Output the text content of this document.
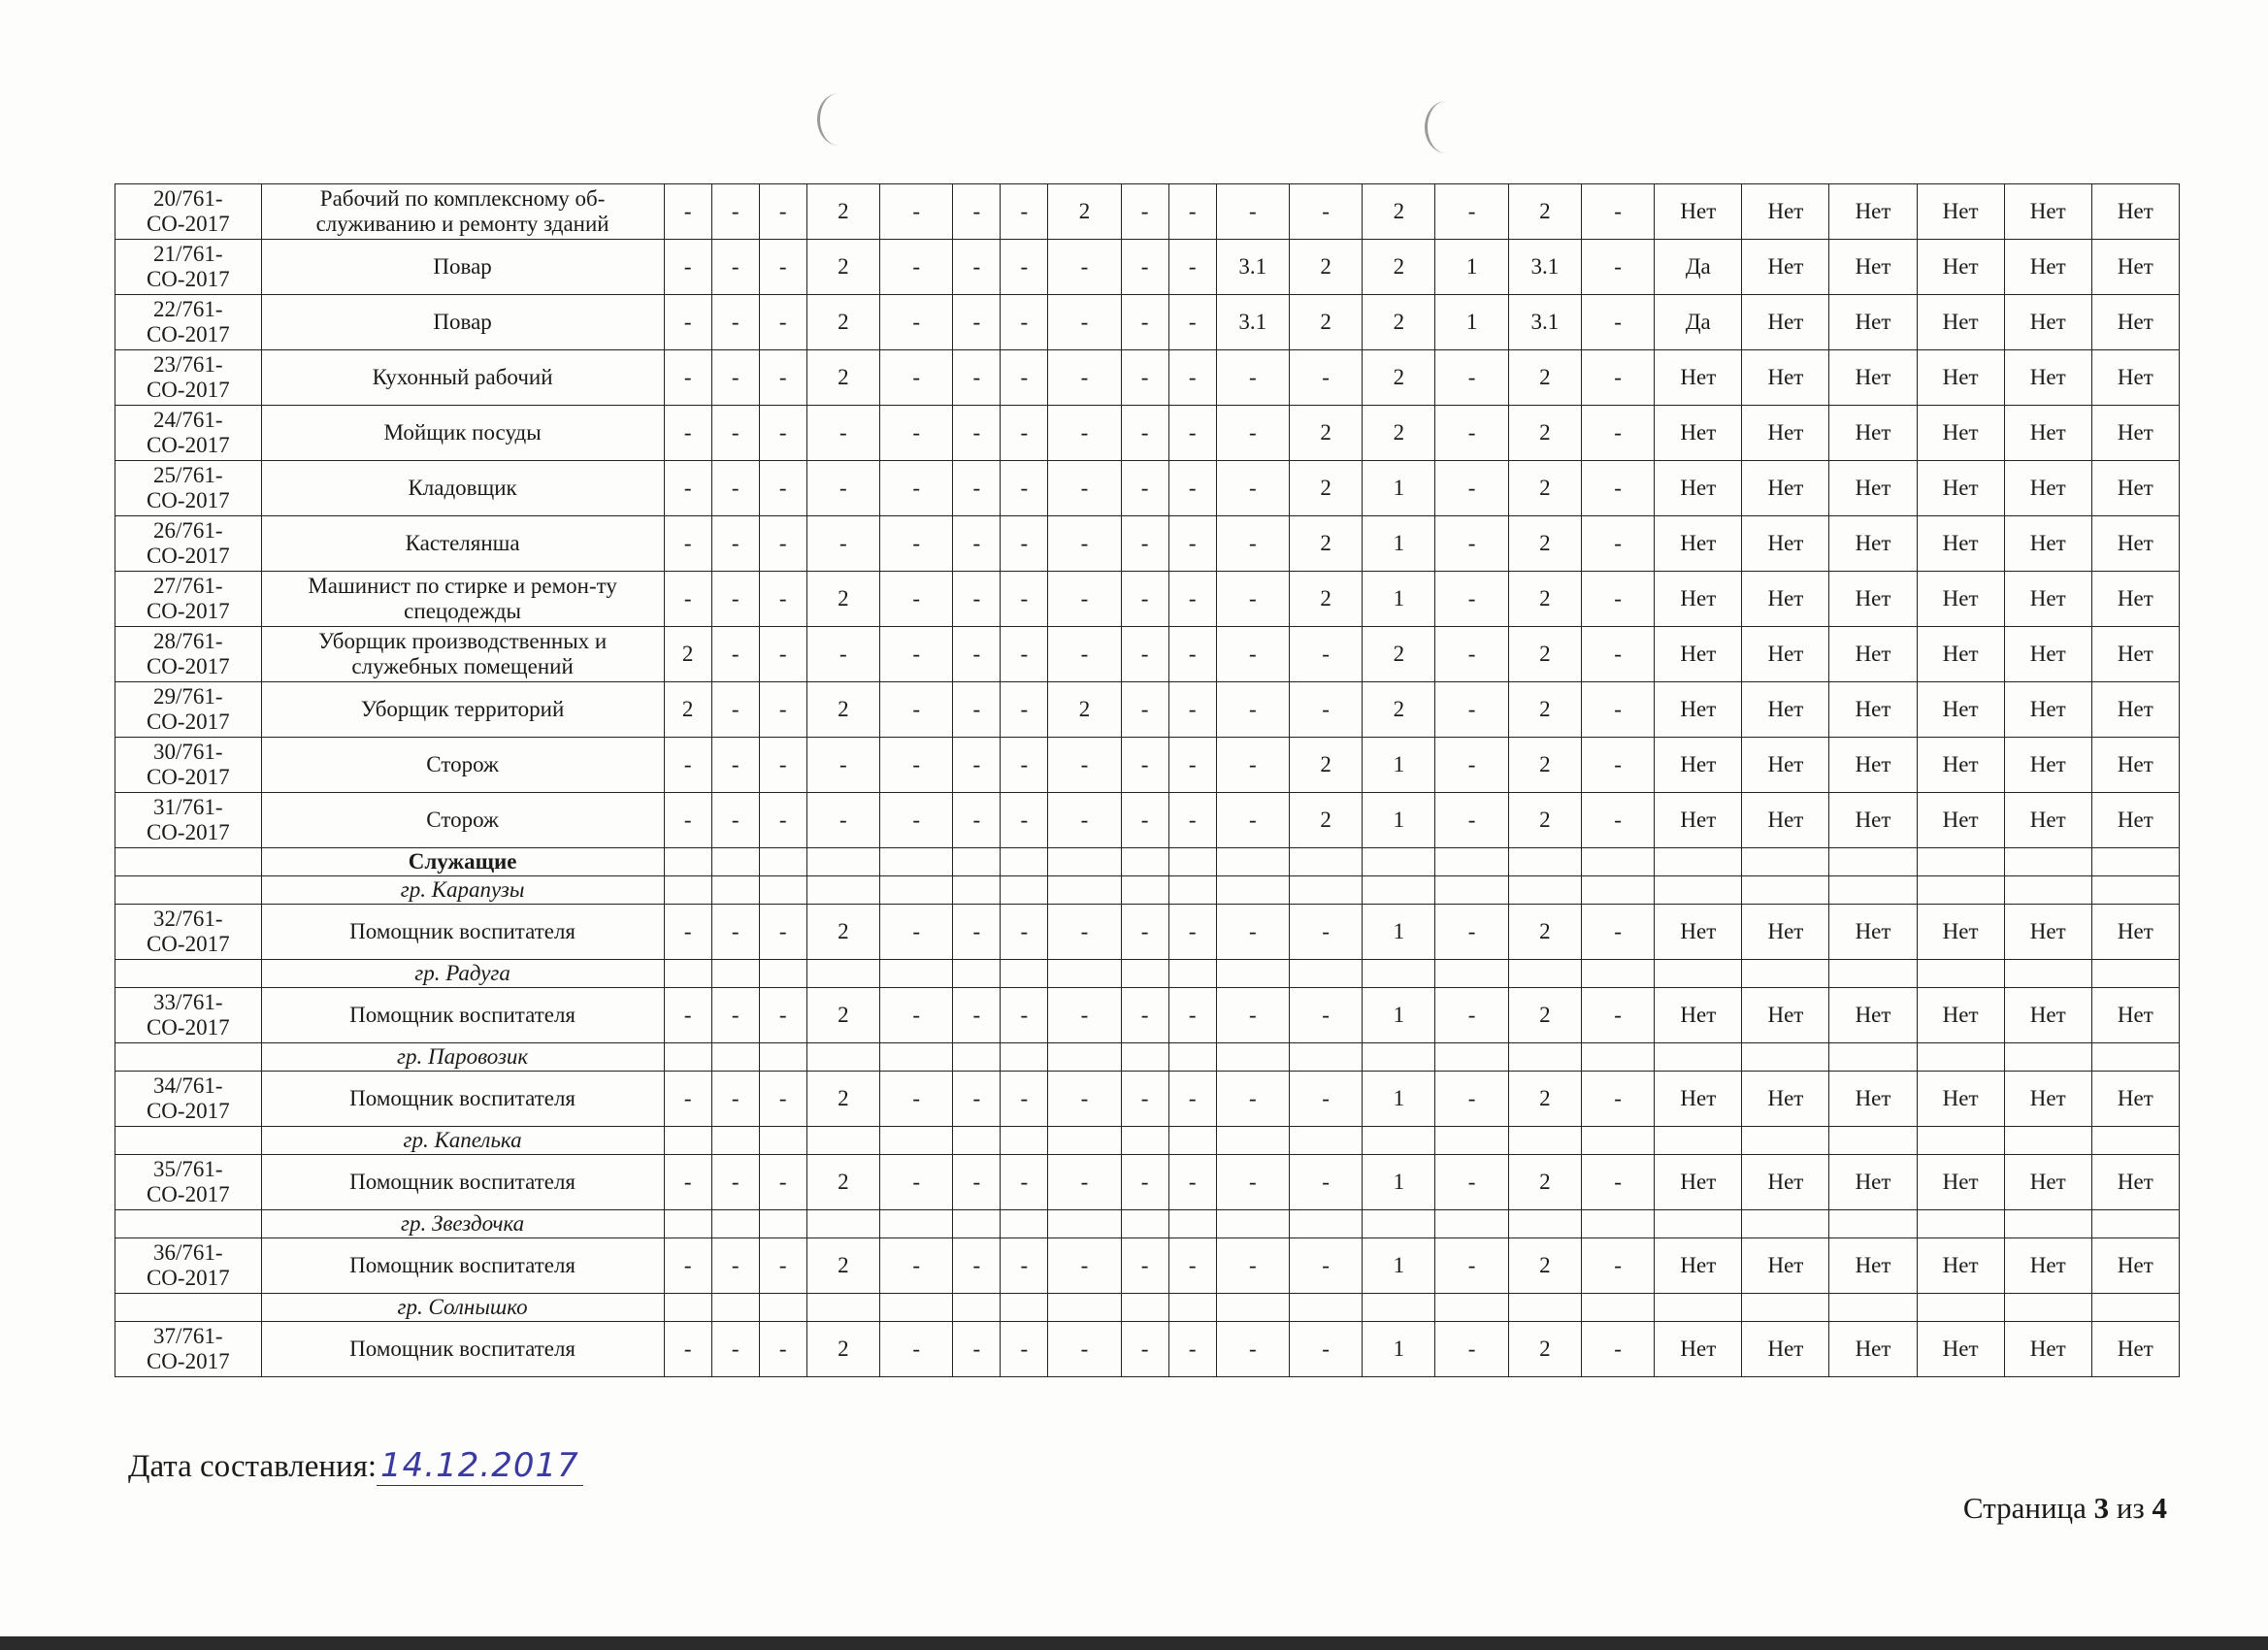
20/761-СО-2017	Рабочий по комплексному об-служиванию и ремонту зданий	-	-	-	2	-	-	-	2	-	-	-	-	2	-	2	-	Нет	Нет	Нет	Нет	Нет	Нет
21/761-СО-2017	Повар	-	-	-	2	-	-	-	-	-	-	3.1	2	2	1	3.1	-	Да	Нет	Нет	Нет	Нет	Нет
22/761-СО-2017	Повар	-	-	-	2	-	-	-	-	-	-	3.1	2	2	1	3.1	-	Да	Нет	Нет	Нет	Нет	Нет
23/761-СО-2017	Кухонный рабочий	-	-	-	2	-	-	-	-	-	-	-	-	2	-	2	-	Нет	Нет	Нет	Нет	Нет	Нет
24/761-СО-2017	Мойщик посуды	-	-	-	-	-	-	-	-	-	-	-	2	2	-	2	-	Нет	Нет	Нет	Нет	Нет	Нет
25/761-СО-2017	Кладовщик	-	-	-	-	-	-	-	-	-	-	-	2	1	-	2	-	Нет	Нет	Нет	Нет	Нет	Нет
26/761-СО-2017	Кастелянша	-	-	-	-	-	-	-	-	-	-	-	2	1	-	2	-	Нет	Нет	Нет	Нет	Нет	Нет
27/761-СО-2017	Машинист по стирке и ремон-ту спецодежды	-	-	-	2	-	-	-	-	-	-	-	2	1	-	2	-	Нет	Нет	Нет	Нет	Нет	Нет
28/761-СО-2017	Уборщик производственных и служебных помещений	2	-	-	-	-	-	-	-	-	-	-	-	2	-	2	-	Нет	Нет	Нет	Нет	Нет	Нет
29/761-СО-2017	Уборщик территорий	2	-	-	2	-	-	-	2	-	-	-	-	2	-	2	-	Нет	Нет	Нет	Нет	Нет	Нет
30/761-СО-2017	Сторож	-	-	-	-	-	-	-	-	-	-	-	2	1	-	2	-	Нет	Нет	Нет	Нет	Нет	Нет
31/761-СО-2017	Сторож	-	-	-	-	-	-	-	-	-	-	-	2	1	-	2	-	Нет	Нет	Нет	Нет	Нет	Нет
	Служащие																						
	гр. Карапузы																						
32/761-СО-2017	Помощник воспитателя	-	-	-	2	-	-	-	-	-	-	-	-	1	-	2	-	Нет	Нет	Нет	Нет	Нет	Нет
	гр. Радуга																						
33/761-СО-2017	Помощник воспитателя	-	-	-	2	-	-	-	-	-	-	-	-	1	-	2	-	Нет	Нет	Нет	Нет	Нет	Нет
	гр. Паровозик																						
34/761-СО-2017	Помощник воспитателя	-	-	-	2	-	-	-	-	-	-	-	-	1	-	2	-	Нет	Нет	Нет	Нет	Нет	Нет
	гр. Капелька																						
35/761-СО-2017	Помощник воспитателя	-	-	-	2	-	-	-	-	-	-	-	-	1	-	2	-	Нет	Нет	Нет	Нет	Нет	Нет
	гр. Звездочка																						
36/761-СО-2017	Помощник воспитателя	-	-	-	2	-	-	-	-	-	-	-	-	1	-	2	-	Нет	Нет	Нет	Нет	Нет	Нет
	гр. Солнышко																						
37/761-СО-2017	Помощник воспитателя	-	-	-	2	-	-	-	-	-	-	-	-	1	-	2	-	Нет	Нет	Нет	Нет	Нет	Нет
Дата составления: 14.12.2017
Страница 3 из 4
